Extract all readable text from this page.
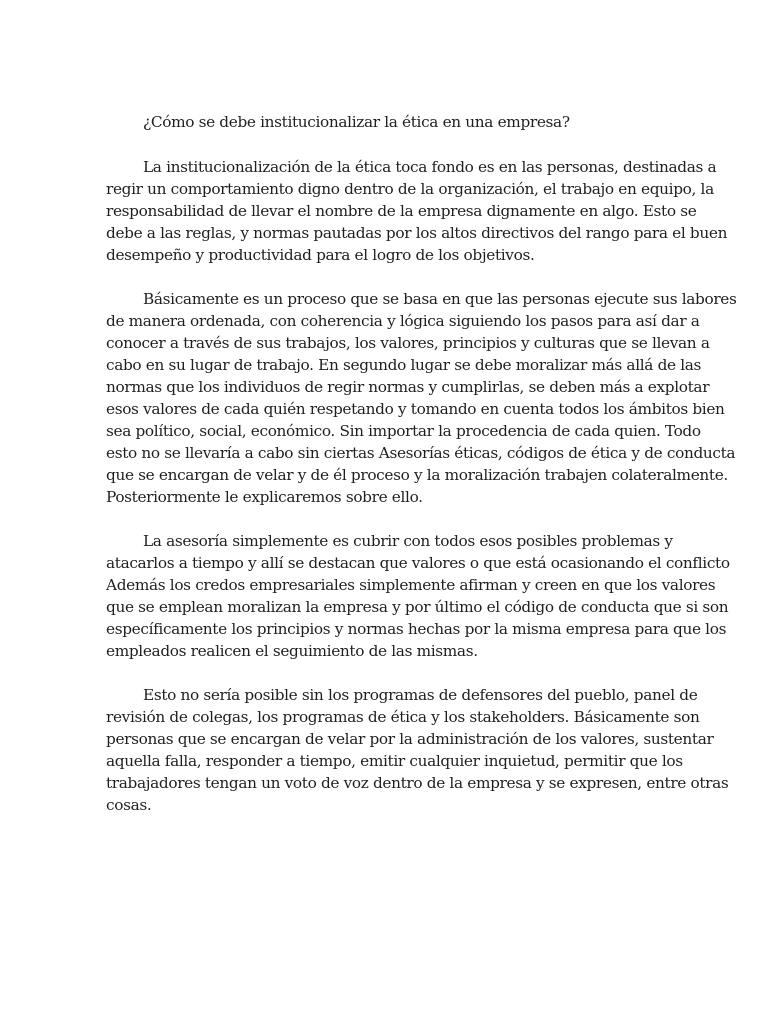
¿Cómo se debe institucionalizar la ética en una empresa?
La institucionalización de la ética toca fondo es en las personas, destinadas a
regir un comportamiento digno dentro de la organización, el trabajo en equipo, la
responsabilidad de llevar el nombre de la empresa dignamente en algo. Esto se
debe a las reglas, y normas pautadas por los altos directivos del rango para el buen
desempeño y productividad para el logro de los objetivos.
Básicamente es un proceso que se basa en que las personas ejecute sus labores
de manera ordenada, con coherencia y lógica siguiendo los pasos para así dar a
conocer a través de sus trabajos, los valores, principios y culturas que se llevan a
cabo en su lugar de trabajo. En segundo lugar se debe moralizar más allá de las
normas que los individuos de regir normas y cumplirlas, se deben más a explotar
esos valores de cada quién respetando y tomando en cuenta todos los ámbitos bien
sea político, social, económico. Sin importar la procedencia de cada quien. Todo
esto no se llevaría a cabo sin ciertas Asesorías éticas, códigos de ética y de conducta
que se encargan de velar y de él proceso y la moralización trabajen colateralmente.
Posteriormente le explicaremos sobre ello.
La asesoría simplemente es cubrir con todos esos posibles problemas y
atacarlos a tiempo y allí se destacan que valores o que está ocasionando el conflicto
Además los credos empresariales simplemente afirman y creen en que los valores
que se emplean moralizan la empresa y por último el código de conducta que si son
específicamente los principios y normas hechas por la misma empresa para que los
empleados realicen el seguimiento de las mismas.
Esto no sería posible sin los programas de defensores del pueblo, panel de
revisión de colegas, los programas de ética y los stakeholders. Básicamente son
personas que se encargan de velar por la administración de los valores, sustentar
aquella falla, responder a tiempo, emitir cualquier inquietud, permitir que los
trabajadores tengan un voto de voz dentro de la empresa y se expresen, entre otras
cosas.
